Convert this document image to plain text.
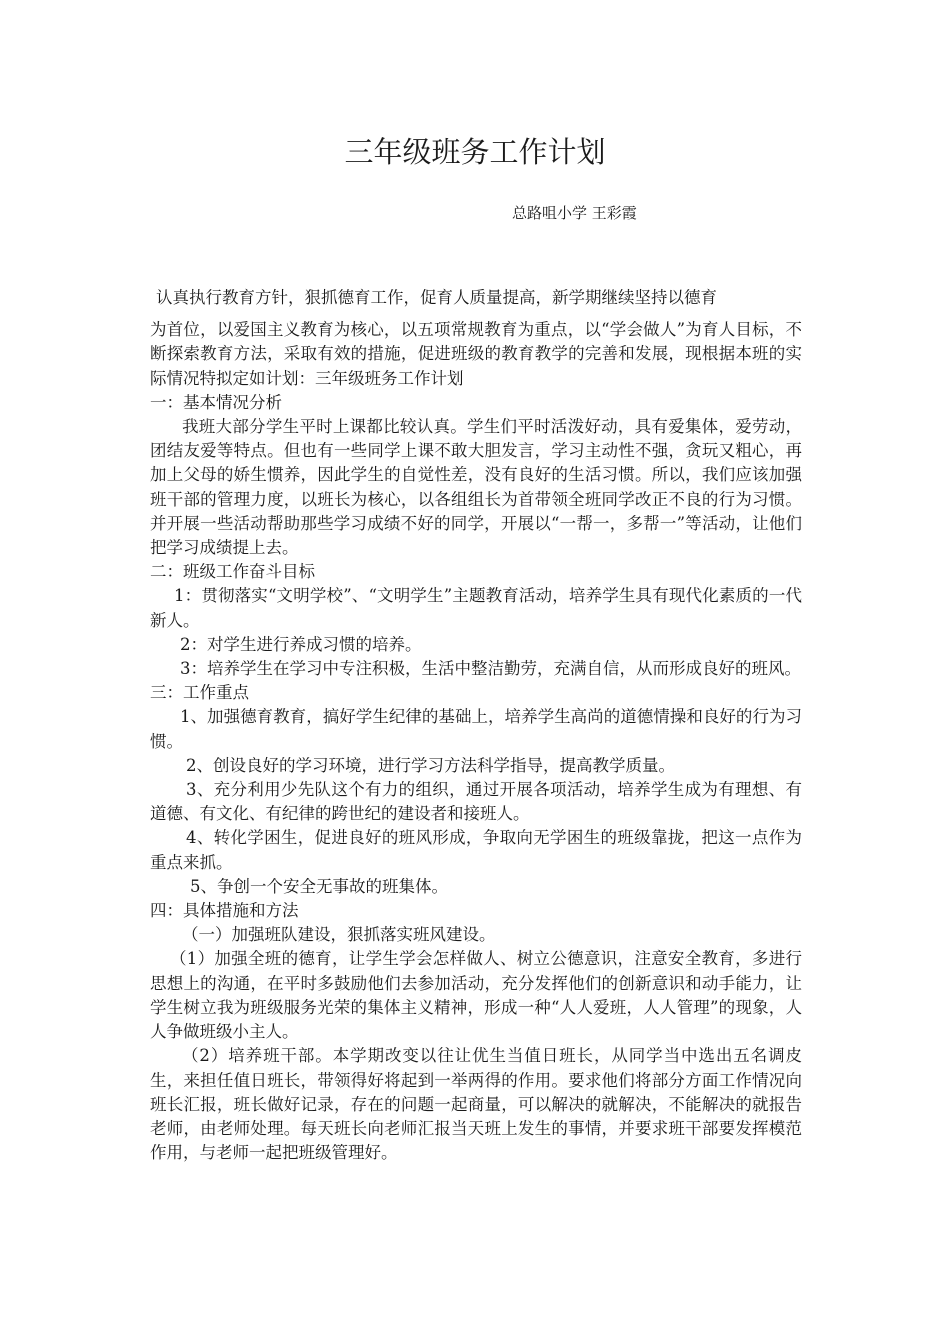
三年级班务工作计划
总路咀小学 王彩霞

认真执行教育方针，狠抓德育工作，促育人质量提高，新学期继续坚持以德育

为首位，以爱国主义教育为核心，以五项常规教育为重点，以“学会做人”为育人目标，不断探索教育方法，采取有效的措施，促进班级的教育教学的完善和发展，现根据本班的实际情况特拟定如计划：三年级班务工作计划

一：基本情况分析

我班大部分学生平时上课都比较认真。学生们平时活泼好动，具有爱集体，爱劳动，团结友爱等特点。但也有一些同学上课不敢大胆发言，学习主动性不强，贪玩又粗心，再加上父母的娇生惯养，因此学生的自觉性差，没有良好的生活习惯。所以，我们应该加强班干部的管理力度，以班长为核心，以各组组长为首带领全班同学改正不良的行为习惯。并开展一些活动帮助那些学习成绩不好的同学，开展以“一帮一，多帮一”等活动，让他们把学习成绩提上去。

二：班级工作奋斗目标

1：贯彻落实“文明学校”、“文明学生”主题教育活动，培养学生具有现代化素质的一代新人。

2：对学生进行养成习惯的培养。

3：培养学生在学习中专注积极，生活中整洁勤劳，充满自信，从而形成良好的班风。

三：工作重点

1、加强德育教育，搞好学生纪律的基础上，培养学生高尚的道德情操和良好的行为习惯。

2、创设良好的学习环境，进行学习方法科学指导，提高教学质量。

3、充分利用少先队这个有力的组织，通过开展各项活动，培养学生成为有理想、有道德、有文化、有纪律的跨世纪的建设者和接班人。

4、转化学困生，促进良好的班风形成，争取向无学困生的班级靠拢，把这一点作为重点来抓。

5、争创一个安全无事故的班集体。

四：具体措施和方法

（一）加强班队建设，狠抓落实班风建设。

（1）加强全班的德育，让学生学会怎样做人、树立公德意识，注意安全教育，多进行思想上的沟通，在平时多鼓励他们去参加活动，充分发挥他们的创新意识和动手能力，让学生树立我为班级服务光荣的集体主义精神，形成一种“人人爱班，人人管理”的现象，人人争做班级小主人。

（2）培养班干部。本学期改变以往让优生当值日班长，从同学当中选出五名调皮生，来担任值日班长，带领得好将起到一举两得的作用。要求他们将部分方面工作情况向班长汇报，班长做好记录，存在的问题一起商量，可以解决的就解决，不能解决的就报告老师，由老师处理。每天班长向老师汇报当天班上发生的事情，并要求班干部要发挥模范作用，与老师一起把班级管理好。
